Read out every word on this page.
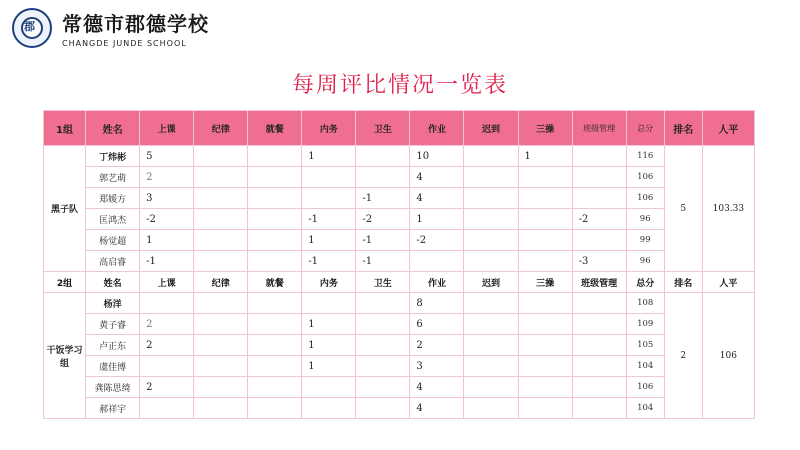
郡 常德市郡德学校
CHANGDE JUNDE SCHOOL
每周评比情况一览表
1组	姓名	上课	纪律	就餐	内务	卫生	作业	迟到	三操	班级管理	总分	排名	人平
黑子队	丁炜彬	5			1		10		1		116	5	103.33
	郭艺萌	2					4				106		
	郑媛方	3				-1	4				106		
	匡鸿杰	-2			-1	-2	1			-2	96		
	杨觉超	1			1	-1	-2				99		
	高启睿	-1			-1	-1				-3	96		
2组	姓名	上课	纪律	就餐	内务	卫生	作业	迟到	三操	班级管理	总分	排名	人平
干饭学习组	杨洋						8				108	2	106
	黄子睿	2			1		6				109		
	卢正东	2			1		2				105		
	虞佳博				1		3				104		
	龚陈思绮	2					4				106		
	郝祥宇						4				104		
